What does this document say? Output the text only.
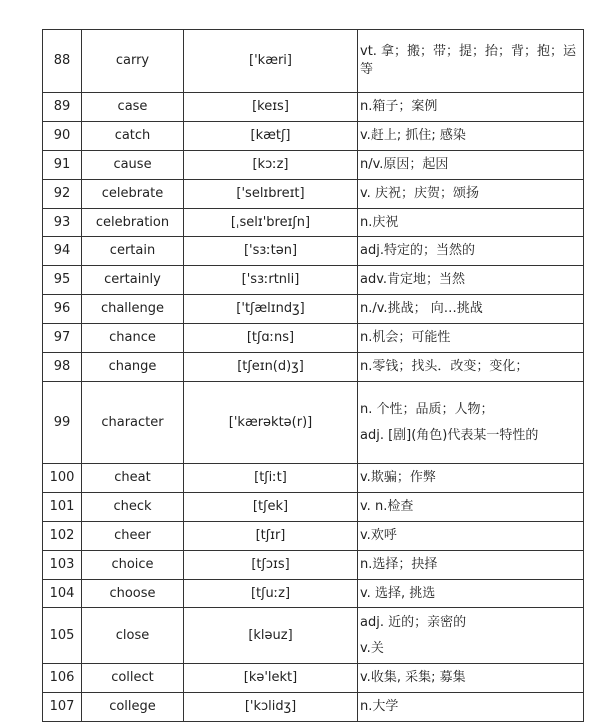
88	carry	['kæri]	vt. 拿；搬；带；提；抬；背；抱；运等

89	case	[keɪs]	n.箱子；案例

90	catch	[kætʃ]	v.赶上; 抓住; 感染

91	cause	[kɔːz]	n/v.原因；起因

92	celebrate	['selɪbreɪt]	v. 庆祝；庆贺；颂扬

93	celebration	[ˌselɪ'breɪʃn]	n.庆祝

94	certain	['sɜːtən]	adj.特定的；当然的

95	certainly	['sɜːrtnli]	adv.肯定地；当然

96	challenge	['tʃælɪndʒ]	n./v.挑战； 向…挑战

97	chance	[tʃɑːns]	n.机会；可能性

98	change	[tʃeɪn(d)ʒ]	n.零钱；找头．改变；变化；

99	character	['kærəktə(r)]	n. 个性；品质；人物；
adj. [剧](角色)代表某一特性的

100	cheat	[tʃiːt]	v.欺骗；作弊

101	check	[tʃek]	v. n.检查

102	cheer	[tʃɪr]	v.欢呼

103	choice	[tʃɔɪs]	n.选择；抉择

104	choose	[tʃuːz]	v. 选择, 挑选

105	close	[kləuz]	adj. 近的；亲密的
v.关

106	collect	[kə'lekt]	v.收集, 采集; 募集

107	college	['kɔlidʒ]	n.大学
